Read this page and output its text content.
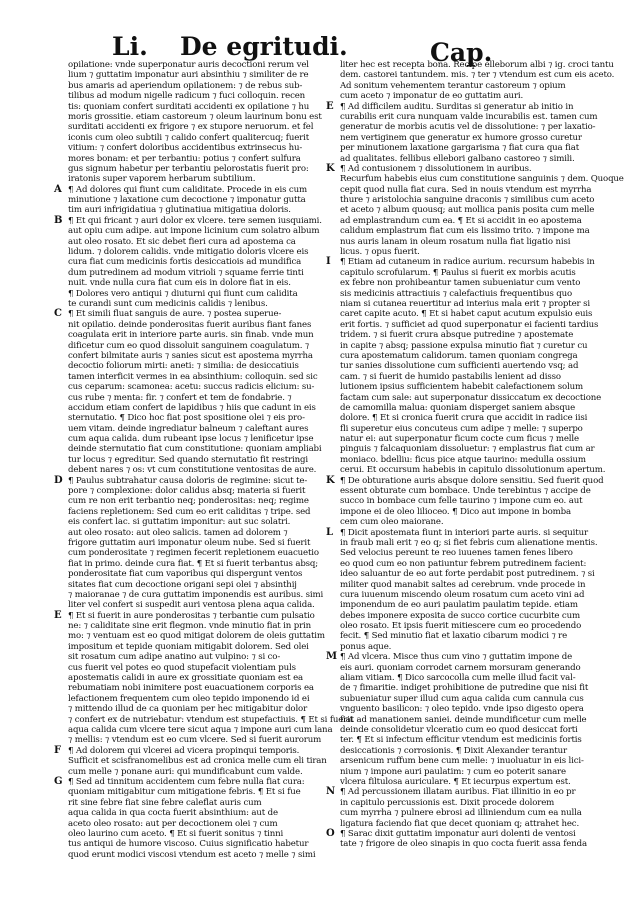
Li. De egritudi.	Cap.
opilatione: vnde superponatur auris decoctioni rerum vel
lium ⁊ guttatim imponatur auri absinthiu ⁊ similiter de re
bus amaris ad aperiendum opilationem: ⁊ de rebus sub-
tilibus ad modum nigelle radicum ⁊ fuci colloquin. recen
tis: quoniam confert surditati accidenti ex opilatione ⁊ hu
moris grossitie. etiam castoreum ⁊ oleum laurinum bonu est
surditati accidenti ex frigore ⁊ ex stupore neruorum. et fel
iconis cum oleo subtili ⁊ calido confert qualitercuq; fuerit
vitium: ⁊ confert doloribus accidentibus extrinsecus hu-
mores bonam: et per terbantiu: potius ⁊ confert sulfura
gus signum habetur per terbantiu pelorostatis fuerit pro:
iratonis super vaporem herbarum subtilium.
A ¶ Ad dolores qui fiunt cum caliditate. Procede in eis cum
minutione ⁊ laxatione cum decoctione ⁊ imponatur gutta
tim auri infrigidatiua ⁊ glutinatiua mitigatiua doloris.
B ¶ Et qui fricant ⁊ auri dolor ex vlcere. tere semen iusquiami.
aut opiu cum adipe. aut impone licinium cum solatro album
aut oleo rosato. Et sic debet fieri cura ad apostema ca
lidum. ⁊ dolorem calidis. vnde mitigatio doloris vlcere eis
cura fiat cum medicinis fortis desiccatiois ad mundifica
dum putredinem ad modum vitrioli ⁊ squame ferrie tinti
nuit. vnde nulla cura fiat cum eis in dolore fiat in eis.
¶ Dolores vero antiqui ⁊ diuturni qui fiunt cum calidita
te curandi sunt cum medicinis calidis ⁊ lenibus.
C ¶ Et simili fluat sanguis de aure. ⁊ postea superue-
nit opilatio. deinde ponderositas fuerit auribus fiant fanes
coagulata erit in interiore parte auris. sin finab. vnde mun
dificetur cum eo quod dissoluit sanguinem coagulatum. ⁊
confert bilmitate auris ⁊ sanies sicut est apostema myrrha
decoctio foliorum mirti: aneti: ⁊ similia: de desiccatiuis
tamen interficit vermes in ea absinthium: colloquin. sed sic
cus ceparum: scamonea: acetu: succus radicis elicium: su-
cus rube ⁊ menta: fir. ⁊ confert et tem de fondabrie. ⁊
accidum etiam confert de lapidibus ⁊ hiis que cadunt in eis
sternutatio. ¶ Dico hoc fiat post spositione olei ⁊ eis pro-
uem vitam. deinde ingrediatur balneum ⁊ caleftant aures
cum aqua calida. dum rubeant ipse locus ⁊ lenificetur ipse
deinde sternutatio fiat cum constitutione: quoniam ampliabi
tur locus ⁊ egreditur. Sed quando sternutatio fit restringi
debent nares ⁊ os: vt cum constitutione ventositas de aure.
D ¶ Paulus subtrahatur causa doloris de regimine: sicut te-
pore ⁊ complexione: dolor calidus absq; materia si fuerit
cum re non erit terbantio neq; ponderositas: neq; regime
faciens repletionem: Sed cum eo erit caliditas ⁊ tripe. sed
eis confert lac. si guttatim imponitur: aut suc solatri.
aut oleo rosato: aut oleo salicis. tamen ad dolorem ⁊
frigore guttatim auri imponatur oleum nube. Sed si fuerit
cum ponderositate ⁊ regimen fecerit repletionem euacuetio
fiat in primo. deinde cura fiat. ¶ Et si fuerit terbantus absq;
ponderositate fiat cum vaporibus qui dispergunt ventos
sitates fiat cum decoctione origani sepi olei ⁊ absinthij
⁊ maioranae ⁊ de cura guttatim imponendis est auribus. simi
liter vel confert si suspedit auri ventosa plena aqua calida.
E ¶ Et si fuerit in aure ponderositas ⁊ terbantie cum pulsatio
ne: ⁊ caliditate sine erit flegmon. vnde minutio fiat in prin
mo: ⁊ ventuam est eo quod mitigat dolorem de oleis guttatim
impositum et tepide quoniam mitigabit dolorem. Sed olei
sit rosatum cum adipe anatino aut vulpino: ⁊ si co-
cus fuerit vel potes eo quod stupefacit violentiam puls
apostematis calidi in aure ex grossitiate quoniam est ea
rebumatiam nobi inimitere post euacuationem corporis ea
lefactionem frequentem cum oleo tepido imponendo id ei
⁊ mittendo illud de ca quoniam per hec mitigabitur dolor
⁊ confert ex de nutriebatur: vtendum est stupefactiuis. ¶ Et si fuerit
aqua calida cum vlcere tere sicut aqua ⁊ impone auri cum lana
⁊ mellis: ⁊ vtendum est eo cum vlcere. Sed si fuerit aurorum
F ¶ Ad dolorem qui vlcerei ad vicera propinqui temporis.
Sufficit et scisfranomelibus est ad cronica melle cum eli tiran
cum melle ⁊ ponane auri: qui mundificabunt cum valde.
G ¶ Sed ad tinnitum accidentem cum febre nulla fiat cura:
quoniam mitigabitur cum mitigatione febris. ¶ Et si fue
rit sine febre fiat sine febre caleflat auris cum
aqua calida in qua cocta fuerit absinthium: aut de
aceto oleo rosato: aut per decoctionem olei ⁊ cum
oleo laurino cum aceto. ¶ Et si fuerit sonitus ⁊ tinni
tus antiqui de humore viscoso. Cuius significatio habetur
quod erunt modici viscosi vtendum est aceto ⁊ melle ⁊ simi
liter hec est recepta bona. Recipe elleborum albi ⁊ ig. croci tantu
dem. castorei tantundem. mis. ⁊ ter ⁊ vtendum est cum eis aceto.
Ad sonitum vehementem terantur castoreum ⁊ opium
cum aceto ⁊ imponatur de eo guttatim auri.
E ¶ Ad difficilem auditu. Surditas si generatur ab initio in
curabilis erit cura nunquam valde incurabilis est. tamen cum
generatur de morbis acutis vel de dissolutione: ⁊ per laxatio-
nem vertiginem que generatur ex humore grosso curetur
per minutionem laxatione gargarisma ⁊ fiat cura qua fiat
ad qualitates. fellibus ellebori galbano castoreo ⁊ simili.
K ¶ Ad contusionem ⁊ dissolutionem in auribus.
Recurfum habebis eius cum constitutione sanguinis ⁊ dem. Quoque
cepit quod nulla fiat cura. Sed in nouis vtendum est myrrha
thure ⁊ aristolochia sanguine draconis ⁊ similibus cum aceto
et aceto ⁊ album quousq; aut mollica panis posita cum melle
ad emplastrandum cum ea. ¶ Et si accidit in eo apostema
calidum emplastrum fiat cum eis lissimo trito. ⁊ impone ma
nus auris lanam in oleum rosatum nulla fiat ligatio nisi
licus. ⁊ opus fuerit.
I ¶ Etiam ad cutaneum in radice aurium. recursum habebis in
capitulo scrofularum. ¶ Paulus si fuerit ex morbis acutis
ex febre non prohibeantur tamen subueniatur cum vento
sis medicinis attractiuis ⁊ calefactiuis frequentibus quo
niam si cutanea reuertitur ad interius mala erit ⁊ propter si
caret capite acuto. ¶ Et si habet caput acutum expulsio euis
erit fortis. ⁊ sufficiet ad quod superponatur ei facienti tardius
tridem. ⁊ si fuerit crura absque putredine ⁊ apostemate
in capite ⁊ absq; passione expulsa minutio fiat ⁊ curetur cu
cura apostematum calidorum. tamen quoniam congrega
tur sanies dissolutione cum sufficienti auertendo vsq; ad
cam. ⁊ si fuerit de humido pastabilis lenient ad disso
lutionem ipsius sufficientem habebit calefactionem solum
factam cum sale: aut superponatur dissiccatum ex decoctione
de camomilla malua: quoniam disperget saniem absque
dolore. ¶ Et si cronica fuerit crura que accidit in radice iisi
fli superetur eius concuteus cum adipe ⁊ melle: ⁊ superpo
natur ei: aut superponatur ficum cocte cum ficus ⁊ melle
pinguis ⁊ falcaquoniam dissoluetur: ⁊ emplastrus fiat cum ar
moniaco. bdelliu: ficus pice atque taurino: medulla ossium
cerui. Et occursum habebis in capitulo dissolutionum apertum.
K ¶ De obturatione auris absque dolore sensitiu. Sed fuerit quod
essent obturate cum bombace. Unde terebintus ⁊ accipe de
succo in bombace cum felle taurino ⁊ impone cum eo. aut
impone ei de oleo lilioceo. ¶ Dico aut impone in bomba
cem cum oleo maiorane.
L ¶ Dicit apostemata fiunt in interiori parte auris. si sequitur
in fraub mali erit ⁊ eo q; si fiet febris cum alienatione mentis.
Sed velocius pereunt te reo iuuenes tamen fenes libero
eo quod cum eo non patiuntur febrem putredinem facient:
ideo saluantur de eo aut forte perdabit post putredinem. ⁊ si
militer quod manabit saltes ad cerebrum. vnde procede in
cura iuuenum miscendo oleum rosatum cum aceto vini ad
imponendum de eo auri paulatim paulatim tepide. etiam
debes imponere exposita de succo cortice cucurbite cum
oleo rosato. Et ipsis fuerit mitiescere cum eo procedendo
fecit. ¶ Sed minutio fiat et laxatio cibarum modici ⁊ re
ponus aque.
M ¶ Ad vlcera. Misce thus cum vino ⁊ guttatim impone de
eis auri. quoniam corrodet carnem morsuram generando
aliam vitiam. ¶ Dico sarcocolla cum melle illud facit val-
de ⁊ fimaritie. indiget prohibitione de putredine que nisi fit
subueniatur super illud cum aqua calida cum cannula cus
vnguento basilicon: ⁊ oleo tepido. vnde ipso digesto opera
fiat ad manationem saniei. deinde mundificetur cum melle
deinde consolidetur vlceratio cum eo quod desiccat forti
ter. ¶ Et si infectum efficitur vtendum est medicinis fortis
desiccationis ⁊ corrosionis. ¶ Dixit Alexander terantur
arsenicum ruffum bene cum melle: ⁊ inuoluatur in eis lici-
nium ⁊ impone auri paulatim: ⁊ cum eo poterit sanare
vlcera filtulosa auriculare. ¶ Et iecurpus expertum est.
N ¶ Ad percussionem illatam auribus. Fiat illinitio in eo pr
in capitulo percussionis est. Dixit procede dolorem
cum myrrha ⁊ pulnere ebrosi ad illiniendum cum ea nulla
ligatura faciendo fiat que decet quoniam q; attrahet hec.
O ¶ Sarac dixit guttatim imponatur auri dolenti de ventosi
tate ⁊ frigore de oleo sinapis in quo cocta fuerit assa fenda
